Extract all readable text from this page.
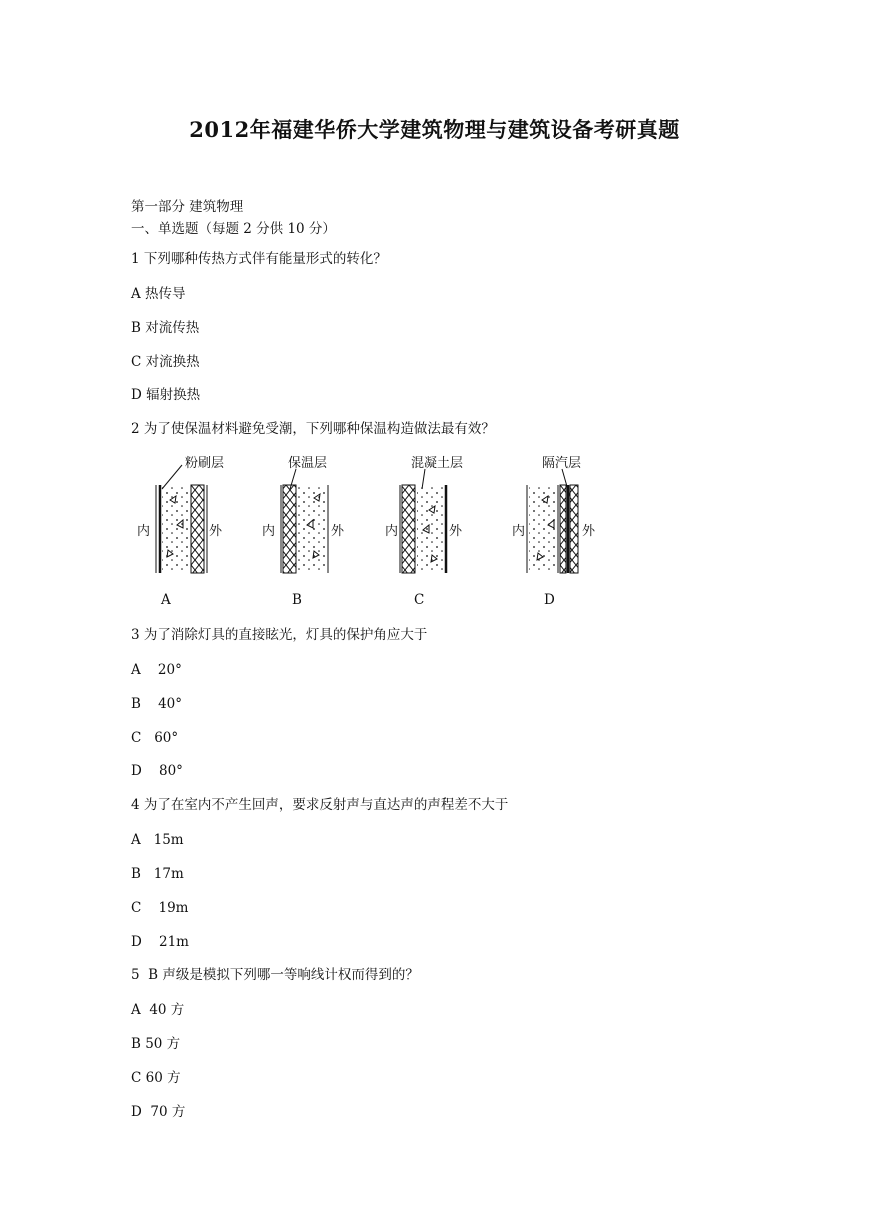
2012年福建华侨大学建筑物理与建筑设备考研真题
第一部分 建筑物理
一、单选题（每题 2 分供 10 分）
1 下列哪种传热方式伴有能量形式的转化？
A 热传导
B 对流传热
C 对流换热
D 辐射换热
2 为了使保温材料避免受潮，下列哪种保温构造做法最有效？
粉刷层
内	外
保温层
内	外
混凝土层
内	外
隔汽层
内	外
A	B	C	D
3 为了消除灯具的直接眩光，灯具的保护角应大于
A    20°
B    40°
C   60°
D    80°
4 为了在室内不产生回声，要求反射声与直达声的声程差不大于
A   15m
B   17m
C    19m
D    21m
5  B 声级是模拟下列哪一等响线计权而得到的？
A  40 方
B 50 方
C 60 方
D  70 方
